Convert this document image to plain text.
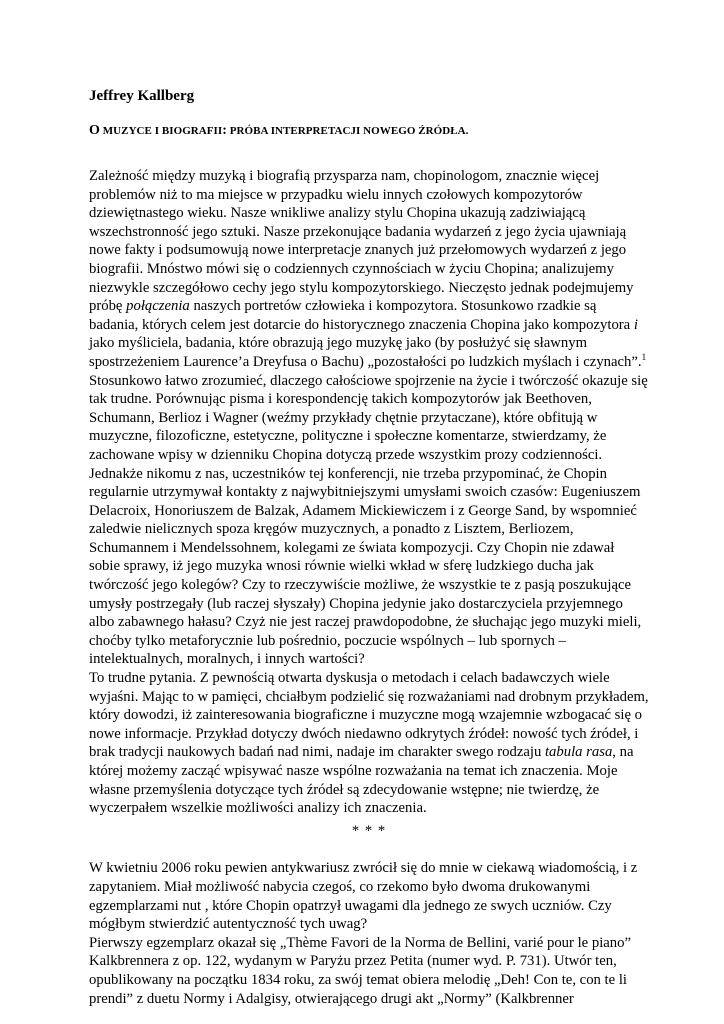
Jeffrey Kallberg

O MUZYCE I BIOGRAFII: PRÓBA INTERPRETACJI NOWEGO ŹRÓDŁA.

Zależność między muzyką i biografią przysparza nam, chopinologom, znacznie więcej problemów niż to ma miejsce w przypadku wielu innych czołowych kompozytorów dziewiętnastego wieku. Nasze wnikliwe analizy stylu Chopina ukazują zadziwiającą wszechstronność jego sztuki. Nasze przekonujące badania wydarzeń z jego życia ujawniają nowe fakty i podsumowują nowe interpretacje znanych już przełomowych wydarzeń z jego biografii. Mnóstwo mówi się o codziennych czynnościach w życiu Chopina; analizujemy niezwykle szczegółowo cechy jego stylu kompozytorskiego. Nieczęsto jednak podejmujemy próbę połączenia naszych portretów człowieka i kompozytora. Stosunkowo rzadkie są badania, których celem jest dotarcie do historycznego znaczenia Chopina jako kompozytora i jako myśliciela, badania, które obrazują jego muzykę jako (by posłużyć się sławnym spostrzeżeniem Laurence’a Dreyfusa o Bachu) „pozostałości po ludzkich myślach i czynach”.$^1$ Stosunkowo łatwo zrozumieć, dlaczego całościowe spojrzenie na życie i twórczość okazuje się tak trudne. Porównując pisma i korespondencję takich kompozytorów jak Beethoven, Schumann, Berlioz i Wagner (weźmy przykłady chętnie przytaczane), które obfitują w muzyczne, filozoficzne, estetyczne, polityczne i społeczne komentarze, stwierdzamy, że zachowane wpisy w dzienniku Chopina dotyczą przede wszystkim prozy codzienności. Jednakże nikomu z nas, uczestników tej konferencji, nie trzeba przypominać, że Chopin regularnie utrzymywał kontakty z najwybitniejszymi umysłami swoich czasów: Eugeniuszem Delacroix, Honoriuszem de Balzak, Adamem Mickiewiczem i z George Sand, by wspomnieć zaledwie nielicznych spoza kręgów muzycznych, a ponadto z Lisztem, Berliozem, Schumannem i Mendelssohnem, kolegami ze świata kompozycji. Czy Chopin nie zdawał sobie sprawy, iż jego muzyka wnosi równie wielki wkład w sferę ludzkiego ducha jak twórczość jego kolegów? Czy to rzeczywiście możliwe, że wszystkie te z pasją poszukujące umysły postrzegały (lub raczej słyszały) Chopina jedynie jako dostarczyciela przyjemnego albo zabawnego hałasu? Czyż nie jest raczej prawdopodobne, że słuchając jego muzyki mieli, choćby tylko metaforycznie lub pośrednio, poczucie wspólnych – lub spornych – intelektualnych, moralnych, i innych wartości?

To trudne pytania. Z pewnością otwarta dyskusja o metodach i celach badawczych wiele wyjaśni. Mając to w pamięci, chciałbym podzielić się rozważaniami nad drobnym przykładem, który dowodzi, iż zainteresowania biograficzne i muzyczne mogą wzajemnie wzbogacać się o nowe informacje. Przykład dotyczy dwóch niedawno odkrytych źródeł: nowość tych źródeł, i brak tradycji naukowych badań nad nimi, nadaje im charakter swego rodzaju tabula rasa, na której możemy zacząć wpisywać nasze wspólne rozważania na temat ich znaczenia. Moje własne przemyślenia dotyczące tych źródeł są zdecydowanie wstępne; nie twierdzę, że wyczerpałem wszelkie możliwości analizy ich znaczenia.

* * *

W kwietniu 2006 roku pewien antykwariusz zwrócił się do mnie w ciekawą wiadomością, i z zapytaniem. Miał możliwość nabycia czegoś, co rzekomo było dwoma drukowanymi egzemplarzami nut , które Chopin opatrzył uwagami dla jednego ze swych uczniów. Czy mógłbym stwierdzić autentyczność tych uwag?

Pierwszy egzemplarz okazał się „Thème Favori de la Norma de Bellini, varié pour le piano” Kalkbrennera z op. 122, wydanym w Paryżu przez Petita (numer wyd. P. 731). Utwór ten, opublikowany na początku 1834 roku, za swój temat obiera melodię „Deh! Con te, con te li prendi” z duetu Normy i Adalgisy, otwierającego drugi akt „Normy” (Kalkbrenner
